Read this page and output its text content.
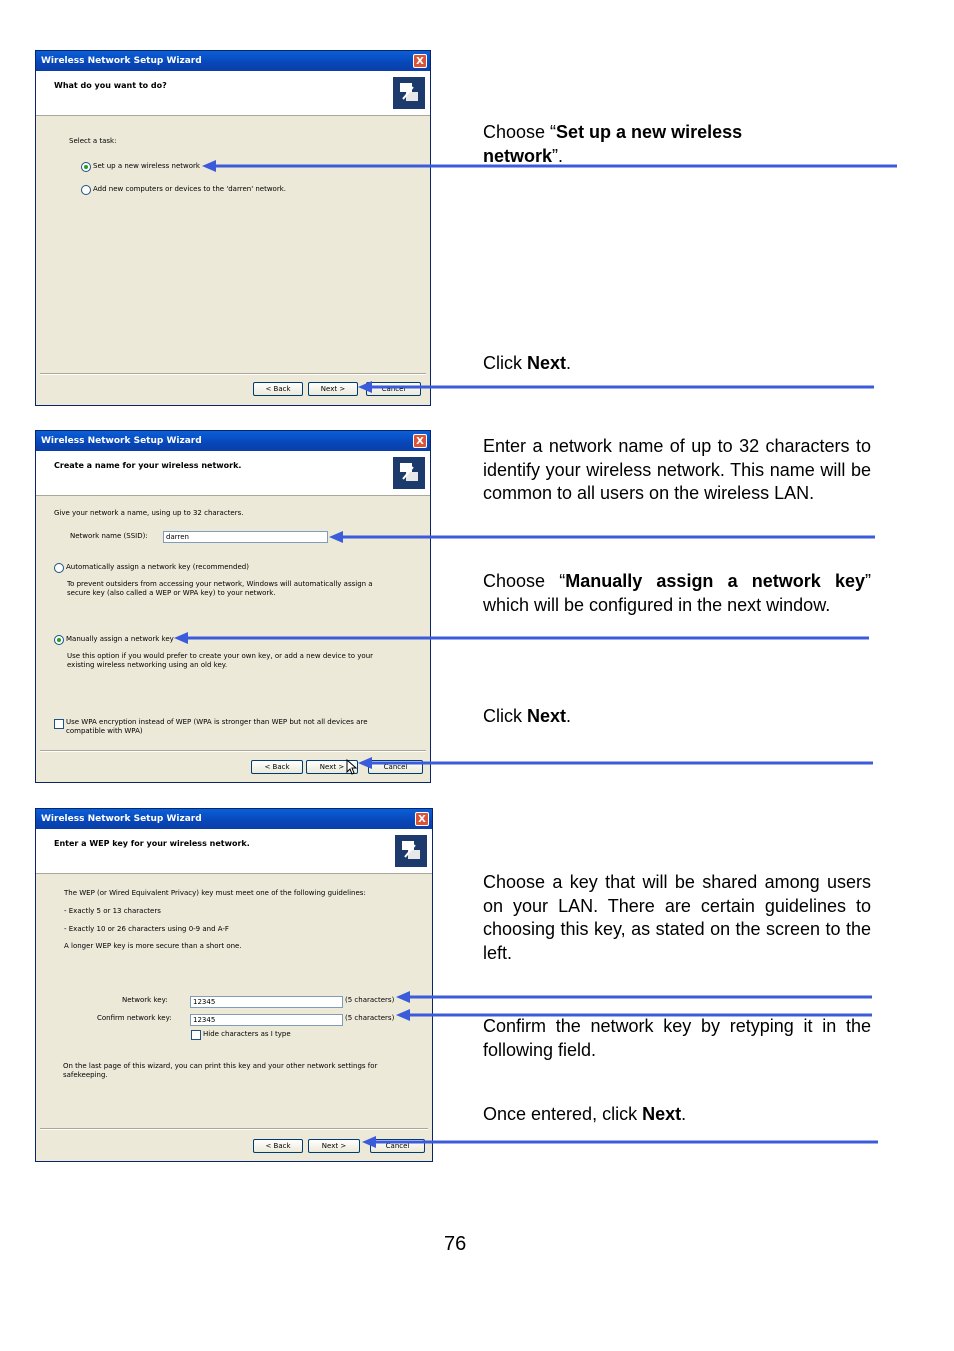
Wireless Network Setup Wizard	X
What do you want to do?
Select a task:
Set up a new wireless network
Add new computers or devices to the 'darren' network.
< Back	Next >	Cancel
Wireless Network Setup Wizard	X
Create a name for your wireless network.
Give your network a name, using up to 32 characters.
Network name (SSID):	darren
Automatically assign a network key (recommended)
To prevent outsiders from accessing your network, Windows will automatically assign a secure key (also called a WEP or WPA key) to your network.
Manually assign a network key
Use this option if you would prefer to create your own key, or add a new device to your existing wireless networking using an old key.
Use WPA encryption instead of WEP (WPA is stronger than WEP but not all devices are compatible with WPA)
< Back	Next >	Cancel
Wireless Network Setup Wizard	X
Enter a WEP key for your wireless network.
The WEP (or Wired Equivalent Privacy) key must meet one of the following guidelines:
- Exactly 5 or 13 characters
- Exactly 10 or 26 characters using 0-9 and A-F
A longer WEP key is more secure than a short one.
Network key:	12345	(5 characters)
Confirm network key:	12345	(5 characters)
Hide characters as I type
On the last page of this wizard, you can print this key and your other network settings for safekeeping.
< Back	Next >	Cancel
Choose “Set up a new wireless network”.
Click Next.
Enter a network name of up to 32 characters to identify your wireless network. This name will be common to all users on the wireless LAN.
Choose “Manually assign a network key” which will be configured in the next window.
Click Next.
Choose a key that will be shared among users on your LAN. There are certain guidelines to choosing this key, as stated on the screen to the left.
Confirm the network key by retyping it in the following field.
Once entered, click Next.
76
